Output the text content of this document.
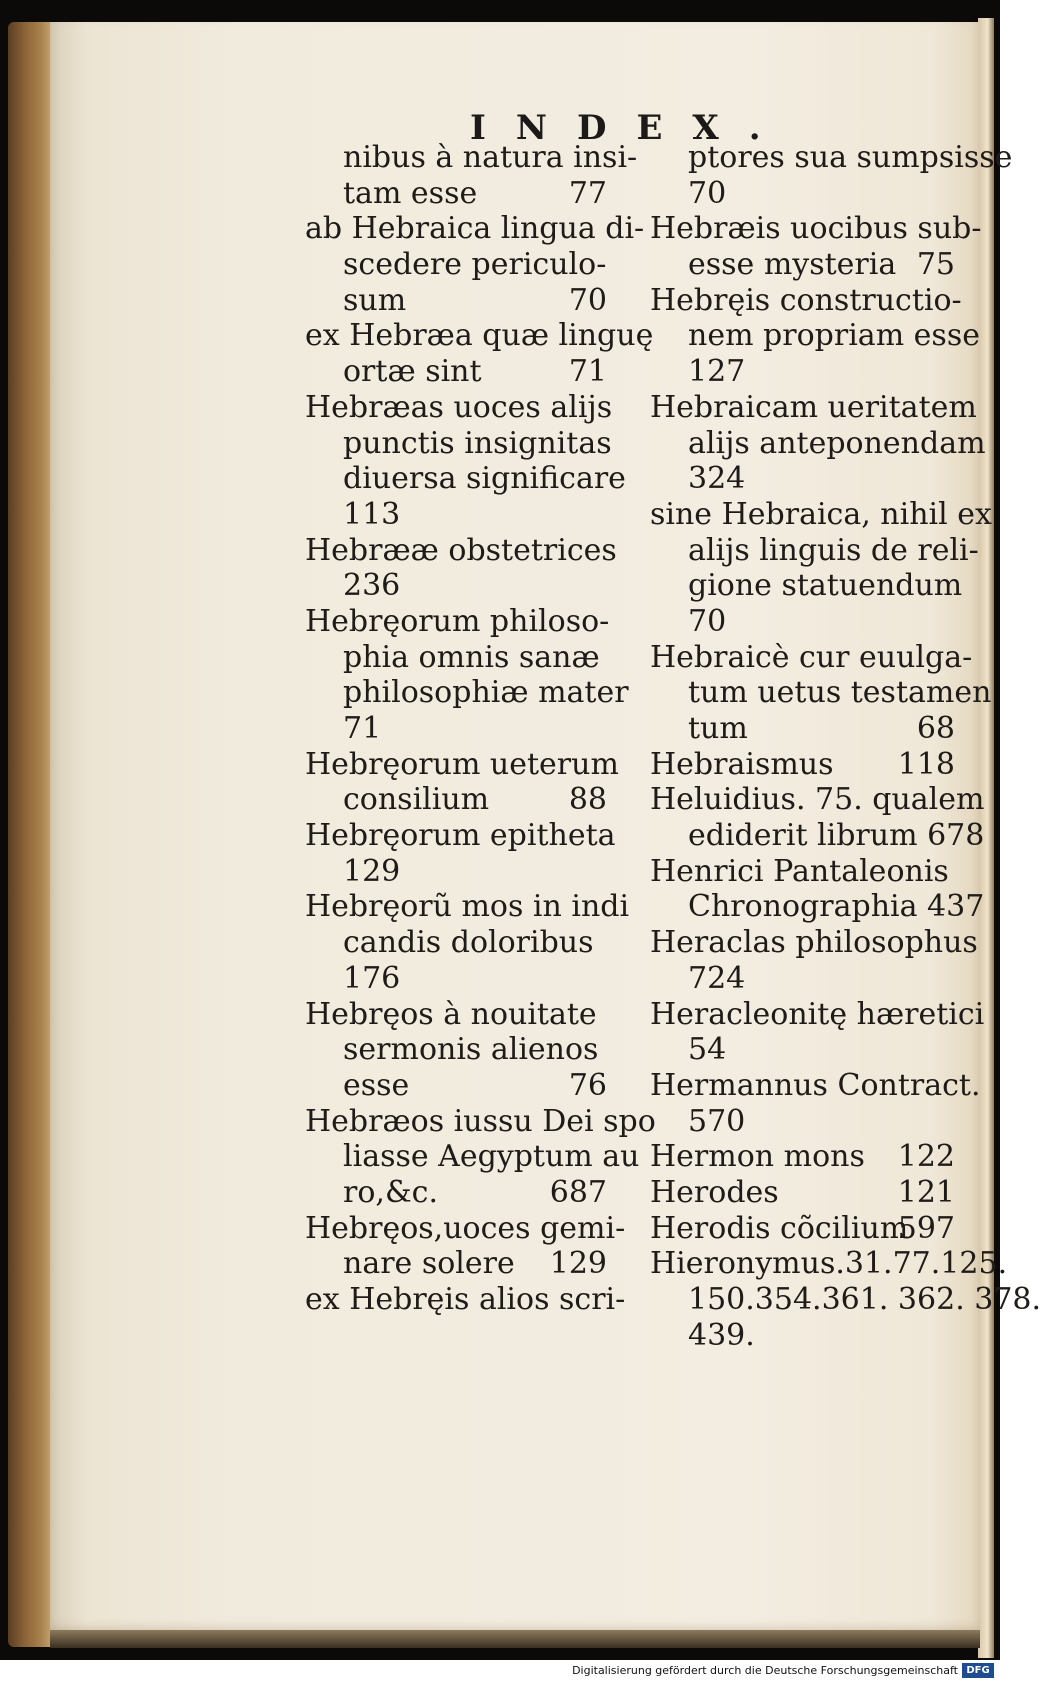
INDEX.
nibus à natura insi-
tam esse	77
ab Hebraica lingua di-
scedere periculo-
sum	70
ex Hebræa quæ linguę
ortæ sint	71
Hebræas uoces alijs
punctis insignitas
diuersa significare
113
Hebrææ obstetrices
236
Hebręorum philoso-
phia omnis sanæ
philosophiæ mater
71
Hebręorum ueterum
consilium	88
Hebręorum epitheta
129
Hebręorũ mos in indi
candis doloribus
176
Hebręos à nouitate
sermonis alienos
esse	76
Hebræos iussu Dei spo
liasse Aegyptum au
ro,&c.	687
Hebręos,uoces gemi-
nare solere 129
ex Hebręis alios scri-
ptores sua sumpsisse
70
Hebræis uocibus sub-
esse mysteria 75
Hebręis constructio-
nem propriam esse
127
Hebraicam ueritatem
alijs anteponendam
324
sine Hebraica, nihil ex
alijs linguis de reli-
gione statuendum
70
Hebraicè cur euulga-
tum uetus testamen
tum	68
Hebraismus 118
Heluidius. 75. qualem
ediderit librum 678
Henrici Pantaleonis
Chronographia 437
Heraclas philosophus
724
Heracleonitę hæretici
54
Hermannus Contract.
570
Hermon mons 122
Herodes	121
Herodis cõcilium
597
Hieronymus.31.77.125.
150.354.361. 362. 378.
439.
Digitalisierung gefördert durch die Deutsche Forschungsgemeinschaft DFG
